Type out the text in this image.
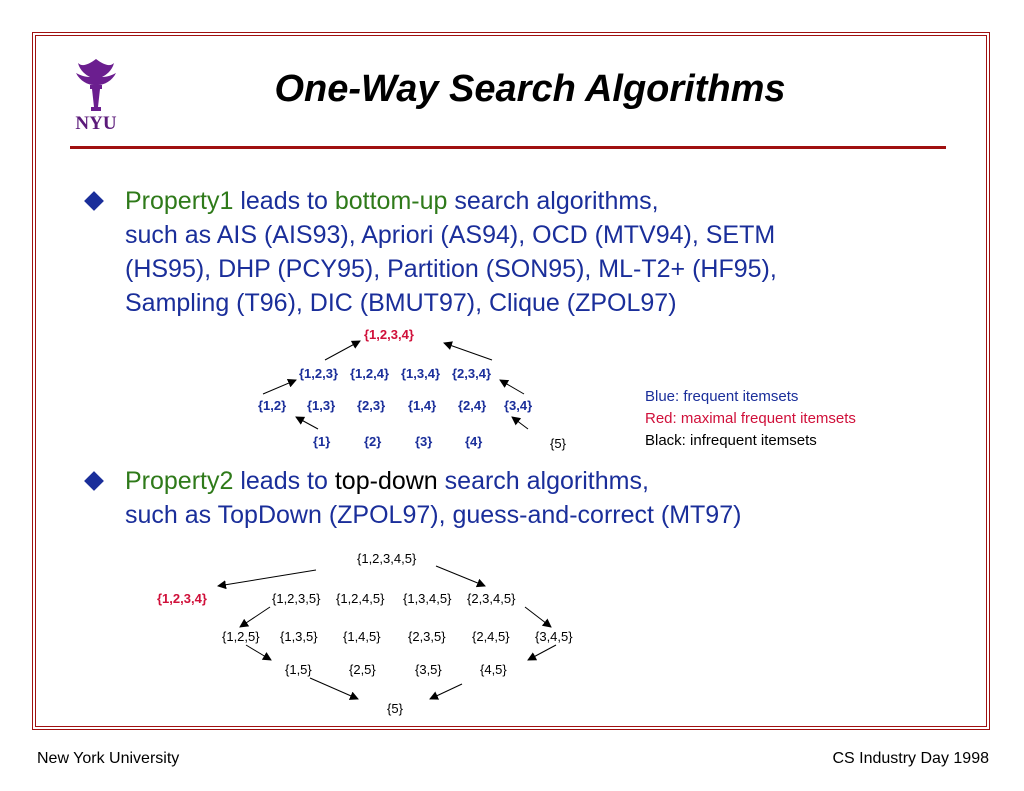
NYU
One-Way Search Algorithms
Property1 leads to bottom-up search algorithms,
such as AIS (AIS93), Apriori (AS94), OCD (MTV94), SETM
(HS95), DHP (PCY95), Partition (SON95), ML-T2+ (HF95),
Sampling (T96), DIC (BMUT97), Clique (ZPOL97)
{1,2,3,4}
{1,2,3} {1,2,4} {1,3,4} {2,3,4}
{1,2} {1,3} {2,3} {1,4} {2,4} {3,4}
{1}	{2}	{3}	{4}	{5}
Blue: frequent itemsets
Red: maximal frequent itemsets
Black: infrequent itemsets
Property2 leads to top-down search algorithms,
such as TopDown (ZPOL97), guess-and-correct (MT97)
{1,2,3,4,5}
{1,2,3,4}	{1,2,3,5} {1,2,4,5} {1,3,4,5} {2,3,4,5}
{1,2,5} {1,3,5} {1,4,5} {2,3,5} {2,4,5} {3,4,5}
{1,5}	{2,5}	{3,5}	{4,5}
{5}
New York University	CS Industry Day 1998
